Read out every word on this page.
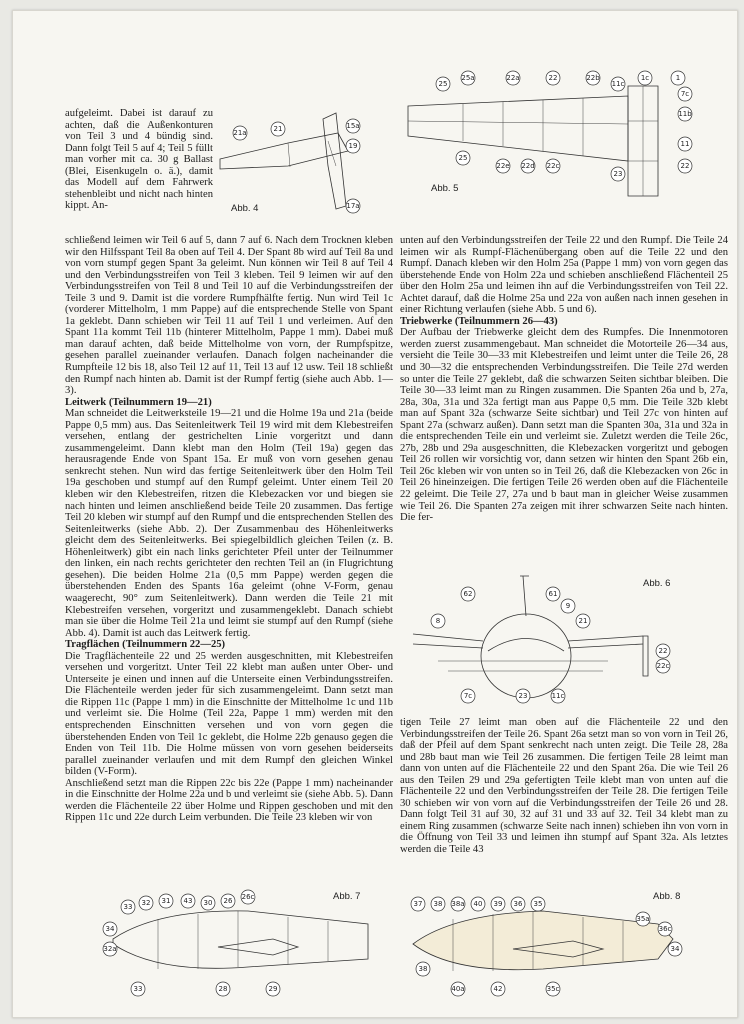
Abb. 4
21a	21	15a
19
17a
Abb. 5
25
25a	22a	22	22b
11c
1c	1
25
22e 22d 22c
23
7c
11b
11
22
aufgeleimt. Dabei ist darauf zu achten, daß die Außenkonturen von Teil 3 und 4 bündig sind. Dann folgt Teil 5 auf 4; Teil 5 füllt man vorher mit ca. 30 g Ballast (Blei, Eisenkugeln o. ä.), damit das Modell auf dem Fahrwerk stehenbleibt und nicht nach hinten kippt. An-

schließend leimen wir Teil 6 auf 5, dann 7 auf 6. Nach dem Trocknen kleben wir den Hilfsspant Teil 8a oben auf Teil 4. Der Spant 8b wird auf Teil 8a und von vorn stumpf gegen Spant 3a geleimt. Nun können wir Teil 8 auf Teil 4 und den Verbindungsstreifen von Teil 3 kleben. Teil 9 leimen wir auf den Verbindungsstreifen von Teil 8 und Teil 10 auf die Verbindungsstreifen der Teile 3 und 9. Damit ist die vordere Rumpfhälfte fertig. Nun wird Teil 1c (vorderer Mittelholm, 1 mm Pappe) auf die entsprechende Stelle von Spant 1a geklebt. Dann schieben wir Teil 11 auf Teil 1 und verleimen. Auf den Spant 11a kommt Teil 11b (hinterer Mittelholm, Pappe 1 mm). Dabei muß man darauf achten, daß beide Mittelholme von vorn, der Rumpfspitze, gesehen parallel zueinander verlaufen. Danach folgen nacheinander die Rumpfteile 12 bis 18, also Teil 12 auf 11, Teil 13 auf 12 usw. Teil 18 schließt den Rumpf nach hinten ab. Damit ist der Rumpf fertig (siehe auch Abb. 1—3).

Leitwerk (Teilnummern 19—21)

Man schneidet die Leitwerksteile 19—21 und die Holme 19a und 21a (beide Pappe 0,5 mm) aus. Das Seitenleitwerk Teil 19 wird mit dem Klebestreifen versehen, entlang der gestrichelten Linie vorgeritzt und dann zusammengeleimt. Dann klebt man den Holm (Teil 19a) gegen das herausragende Ende von Spant 15a. Er muß von vorn gesehen genau senkrecht stehen. Nun wird das fertige Seitenleitwerk über den Holm Teil 19a geschoben und stumpf auf den Rumpf geleimt. Unter einem Teil 20 kleben wir den Klebestreifen, ritzen die Klebezacken vor und biegen sie nach hinten und leimen anschließend beide Teile 20 zusammen. Das fertige Teil 20 kleben wir stumpf auf den Rumpf und die entsprechenden Stellen des Seitenleitwerks (siehe Abb. 2). Der Zusammenbau des Höhenleitwerks gleicht dem des Seitenleitwerks. Bei spiegelbildlich gleichen Teilen (z. B. Höhenleitwerk) gibt ein nach links gerichteter Pfeil unter der Teilnummer den linken, ein nach rechts gerichteter den rechten Teil an (in Flugrichtung gesehen). Die beiden Holme 21a (0,5 mm Pappe) werden gegen die überstehenden Enden des Spants 16a geleimt (ohne V-Form, genau waagerecht, 90° zum Seitenleitwerk). Dann werden die Teile 21 mit Klebestreifen versehen, vorgeritzt und zusammengeklebt. Danach schiebt man sie über die Holme Teil 21a und leimt sie stumpf auf den Rumpf (siehe Abb. 4). Damit ist auch das Leitwerk fertig.

Tragflächen (Teilnummern 22—25)

Die Tragflächenteile 22 und 25 werden ausgeschnitten, mit Klebestreifen versehen und vorgeritzt. Unter Teil 22 klebt man außen unter Ober- und Unterseite je einen und innen auf die Unterseite einen Verbindungsstreifen. Die Flächenteile werden jeder für sich zusammengeleimt. Dann setzt man die Rippen 11c (Pappe 1 mm) in die Einschnitte der Mittelholme 1c und 11b und verleimt sie. Die Holme (Teil 22a, Pappe 1 mm) werden mit den entsprechenden Einschnitten versehen und von vorn gegen die überstehenden Enden von Teil 1c geklebt, die Holme 22b genauso gegen die Enden von Teil 11b. Die Holme müssen von vorn gesehen beiderseits parallel zueinander verlaufen und mit dem Rumpf den gleichen Winkel bilden (V-Form).

Anschließend setzt man die Rippen 22c bis 22e (Pappe 1 mm) nacheinander in die Einschnitte der Holme 22a und b und verleimt sie (siehe Abb. 5). Dann werden die Flächenteile 22 über Holme und Rippen geschoben und mit den Rippen 11c und 22e durch Leim verbunden. Die Teile 23 kleben wir von

unten auf den Verbindungsstreifen der Teile 22 und den Rumpf. Die Teile 24 leimen wir als Rumpf-Flächenübergang oben auf die Teile 22 und den Rumpf. Danach kleben wir den Holm 25a (Pappe 1 mm) von vorn gegen das überstehende Ende von Holm 22a und schieben anschließend Flächenteil 25 über den Holm 25a und leimen ihn auf die Verbindungsstreifen von Teil 22. Achtet darauf, daß die Holme 25a und 22a von außen nach innen gesehen in einer Richtung verlaufen (siehe Abb. 5 und 6).

Triebwerke (Teilnummern 26—43)

Der Aufbau der Triebwerke gleicht dem des Rumpfes. Die Innenmotoren werden zuerst zusammengebaut. Man schneidet die Motorteile 26—34 aus, versieht die Teile 30—33 mit Klebestreifen und leimt unter die Teile 26, 28 und 30—32 die entsprechenden Verbindungsstreifen. Die Teile 27d werden so unter die Teile 27 geklebt, daß die schwarzen Seiten sichtbar bleiben. Die Teile 30—33 leimt man zu Ringen zusammen. Die Spanten 26a und b, 27a, 28a, 30a, 31a und 32a fertigt man aus Pappe 0,5 mm. Die Teile 32b klebt man auf Spant 32a (schwarze Seite sichtbar) und Teil 27c von hinten auf Spant 27a (schwarz außen). Dann setzt man die Spanten 30a, 31a und 32a in die entsprechenden Teile ein und verleimt sie. Zuletzt werden die Teile 26c, 27b, 28b und 29a ausgeschnitten, die Klebezacken vorgeritzt und gebogen Teil 26 rollen wir vorsichtig vor, dann setzen wir hinten den Spant 26b ein, Teil 26c kleben wir von unten so in Teil 26, daß die Klebezacken von 26c in Teil 26 hineinzeigen. Die fertigen Teile 26 werden oben auf die Flächenteile 22 geleimt. Die Teile 27, 27a und b baut man in gleicher Weise zusammen wie Teil 26. Die Spanten 27a zeigen mit ihrer schwarzen Seite nach hinten. Die fer-

Abb. 6
62	61
9
21
8
22
22c
7c	23	11c

tigen Teile 27 leimt man oben auf die Flächenteile 22 und den Verbindungsstreifen der Teile 26. Spant 26a setzt man so von vorn in Teil 26, daß der Pfeil auf dem Spant senkrecht nach unten zeigt. Die Teile 28, 28a und 28b baut man wie Teil 26 zusammen. Die fertigen Teile 28 leimt man dann von unten auf die Flächenteile 22 und den Spant 26a. Die wie Teil 26 aus den Teilen 29 und 29a gefertigten Teile klebt man von unten auf die Flächenteile 22 und den Verbindungsstreifen der Teile 28. Die fertigen Teile 30 schieben wir von vorn auf die Verbindungsstreifen der Teile 26 und 28. Dann folgt Teil 31 auf 30, 32 auf 31 und 33 auf 32. Teil 34 klebt man zu einem Ring zusammen (schwarze Seite nach innen) schieben ihn von vorn in die Öffnung von Teil 33 und leimen ihn stumpf auf Spant 32a. Als letztes werden die Teile 43

Abb. 7
33 32 31 43 30 26 26c
34
32a
33	28	29
Abb. 8
37 38 38a 40 39 36 35
35a
36c
34
38
40a	42	35c
